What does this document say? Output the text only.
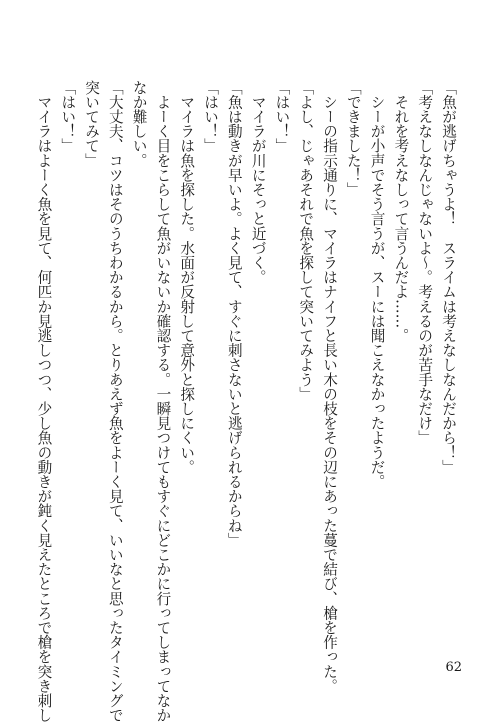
「魚が逃げちゃうよ！　スライムは考えなしなんだから！」
「考えなしなんじゃないよ～。考えるのが苦手なだけ」
　それを考えなしって言うんだよ……。
　シーが小声でそう言うが、スーには聞こえなかったようだ。
「できました！」
　シーの指示通りに、マイラはナイフと長い木の枝をその辺にあった蔓で結び、槍を作った。
「よし、じゃあそれで魚を探して突いてみよう」
「はい！」
　マイラが川にそっと近づく。
「魚は動きが早いよ。よく見て、すぐに刺さないと逃げられるからね」
「はい！」
　マイラは魚を探した。水面が反射して意外と探しにくい。
　よーく目をこらして魚がいないか確認する。一瞬見つけてもすぐにどこかに行ってしまってなか
なか難しい。
「大丈夫、コツはそのうちわかるから。とりあえず魚をよーく見て、いいなと思ったタイミングで
突いてみて」
「はい！」
　マイラはよーく魚を見て、何匹か見逃しつつ、少し魚の動きが鈍く見えたところで槍を突き刺し	62
